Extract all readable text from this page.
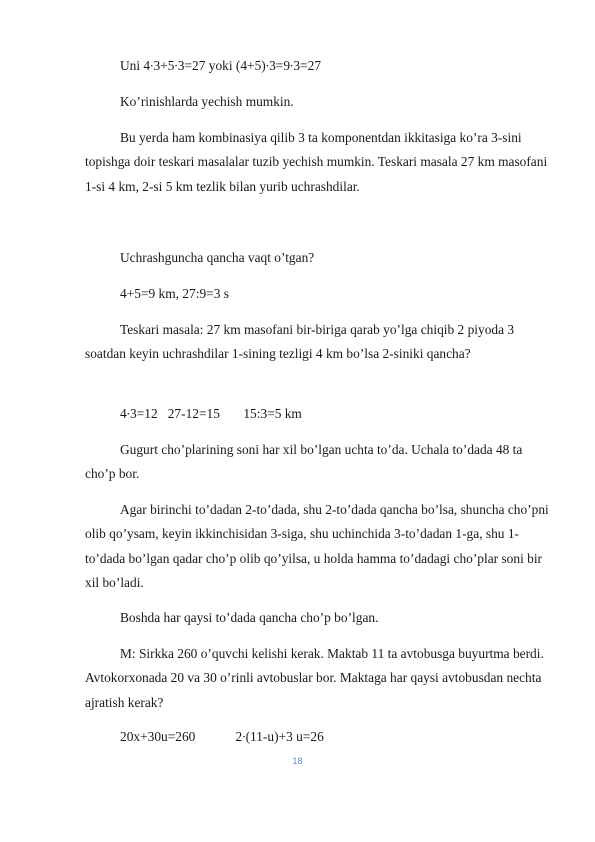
Uni 4∙3+5∙3=27 yoki (4+5)∙3=9∙3=27

Ko’rinishlarda yechish mumkin.

Bu yerda ham kombinasiya qilib 3 ta komponentdan ikkitasiga ko’ra 3-sini topishga doir teskari masalalar tuzib yechish mumkin. Teskari masala 27 km masofani 1-si 4 km, 2-si 5 km tezlik bilan yurib uchrashdilar.

Uchrashguncha qancha vaqt o’tgan?

4+5=9 km, 27:9=3 s

Teskari masala: 27 km masofani bir-biriga qarab yo’lga chiqib 2 piyoda 3 soatdan keyin uchrashdilar 1-sining tezligi 4 km bo’lsa 2-siniki qancha?

4∙3=12   27-12=15       15:3=5 km

Gugurt cho’plarining soni har xil bo’lgan uchta to’da. Uchala to’dada 48 ta cho’p bor.

Agar birinchi to’dadan 2-to’dada, shu 2-to’dada qancha bo’lsa, shuncha cho’pni olib qo’ysam, keyin ikkinchisidan 3-siga, shu uchinchida 3-to’dadan 1-ga, shu 1- to’dada bo’lgan qadar cho’p olib qo’yilsa, u holda hamma to’dadagi cho’plar soni bir xil bo’ladi.

Boshda har qaysi to’dada qancha cho’p bo’lgan.

M: Sirkka 260 o’quvchi kelishi kerak. Maktab 11 ta avtobusga buyurtma berdi. Avtokorxonada 20 va 30 o’rinli avtobuslar bor. Maktaga har qaysi avtobusdan nechta ajratish kerak?

20x+30u=260            2∙(11-u)+3 u=26

18
